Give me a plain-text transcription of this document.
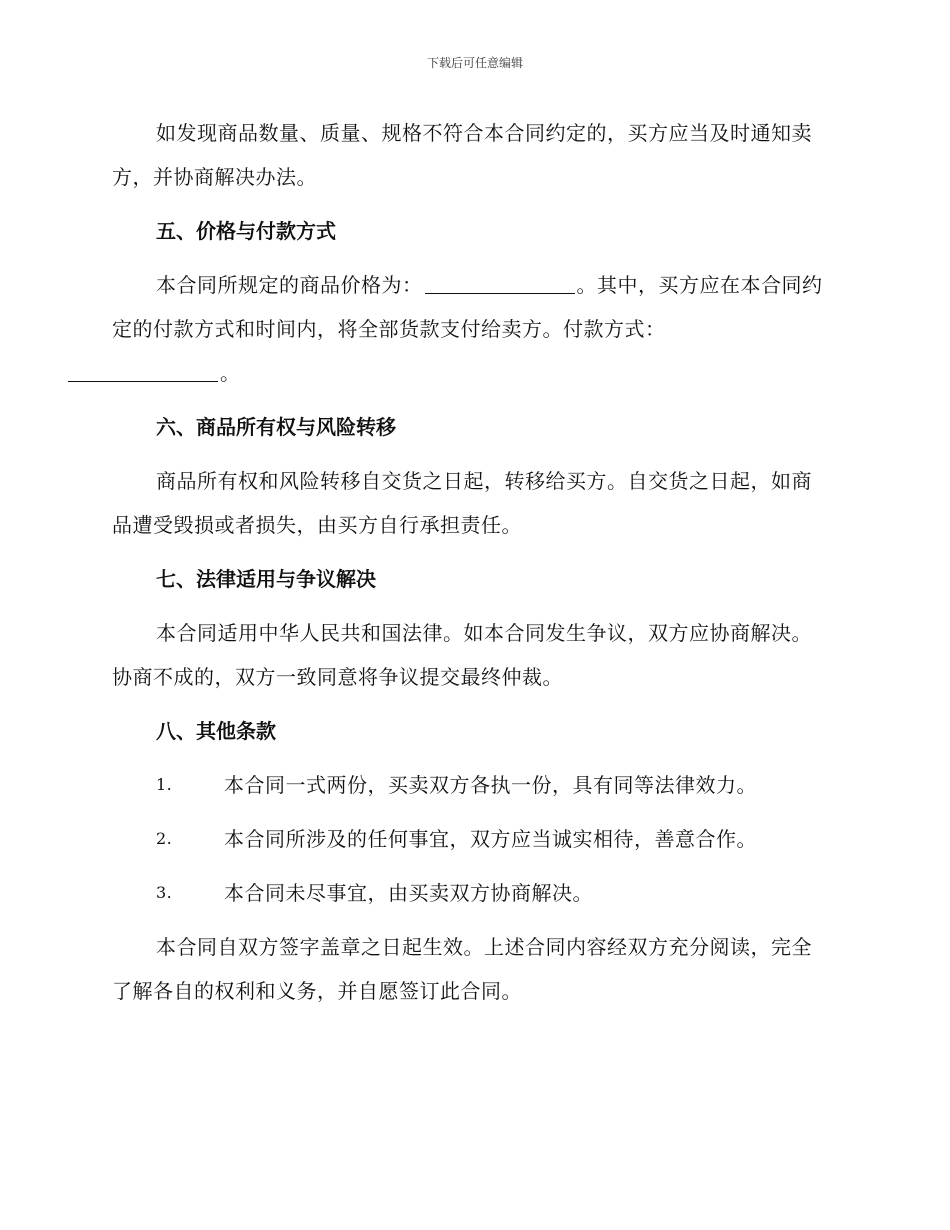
下载后可任意编辑

如发现商品数量、质量、规格不符合本合同约定的，买方应当及时通知卖方，并协商解决办法。

五、价格与付款方式

本合同所规定的商品价格为：	。其中，买方应在本合同约定的付款方式和时间内，将全部货款支付给卖方。付款方式：
。

六、商品所有权与风险转移

商品所有权和风险转移自交货之日起，转移给买方。自交货之日起，如商品遭受毁损或者损失，由买方自行承担责任。

七、法律适用与争议解决

本合同适用中华人民共和国法律。如本合同发生争议，双方应协商解决。协商不成的，双方一致同意将争议提交最终仲裁。

八、其他条款
1.	本合同一式两份，买卖双方各执一份，具有同等法律效力。
2.	本合同所涉及的任何事宜，双方应当诚实相待，善意合作。
3.	本合同未尽事宜，由买卖双方协商解决。

本合同自双方签字盖章之日起生效。上述合同内容经双方充分阅读，完全了解各自的权利和义务，并自愿签订此合同。
